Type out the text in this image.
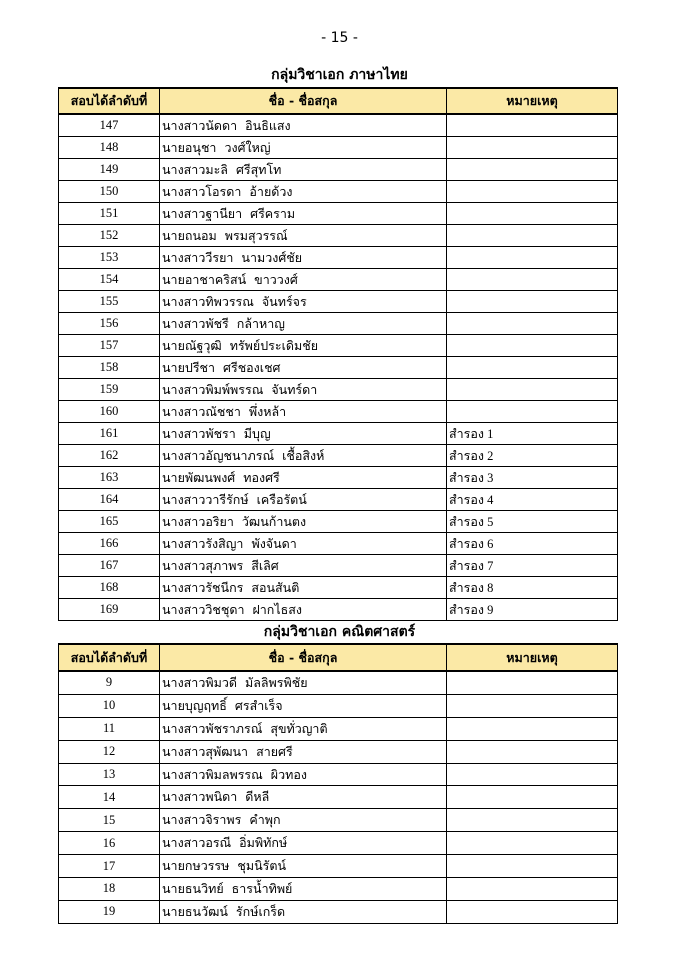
- 15 -
กลุ่มวิชาเอก ภาษาไทย
สอบได้ลำดับที่	ชื่อ - ชื่อสกุล	หมายเหตุ
147	นางสาวนัดดา อินธิแสง	
148	นายอนุชา วงศ์ใหญ่	
149	นางสาวมะลิ ศรีสุทโท	
150	นางสาวโอรดา อ้ายด้วง	
151	นางสาวฐานียา ศรีคราม	
152	นายถนอม พรมสุวรรณ์	
153	นางสาววีรยา นามวงศ์ชัย	
154	นายอาชาคริสน์ ขาววงศ์	
155	นางสาวทิพวรรณ จันทร์จร	
156	นางสาวพัชรี กล้าหาญ	
157	นายณัฐวุฒิ ทรัพย์ประเดิมชัย	
158	นายปรีชา ศรีชองเชศ	
159	นางสาวพิมพ์พรรณ จันทร์ดา	
160	นางสาวณัชชา พึ่งหล้า	
161	นางสาวพัชรา มีบุญ	สำรอง 1
162	นางสาวอัญชนาภรณ์ เชื้อสิงห์	สำรอง 2
163	นายพัฒนพงศ์ ทองศรี	สำรอง 3
164	นางสาววารีรักษ์ เครือรัตน์	สำรอง 4
165	นางสาวอริยา วัฒนก้านตง	สำรอง 5
166	นางสาวรังสิญา พังจันดา	สำรอง 6
167	นางสาวสุภาพร สีเลิศ	สำรอง 7
168	นางสาวรัชนีกร สอนสันติ	สำรอง 8
169	นางสาววิชชุดา ฝากไธสง	สำรอง 9
กลุ่มวิชาเอก คณิตศาสตร์
สอบได้ลำดับที่	ชื่อ - ชื่อสกุล	หมายเหตุ
9	นางสาวพิมวดี มัลลิพรพิชัย	
10	นายบุญฤทธิ์ ศรสำเร็จ	
11	นางสาวพัชราภรณ์ สุขทั่วญาติ	
12	นางสาวสุพัฒนา สายศรี	
13	นางสาวพิมลพรรณ ผิวทอง	
14	นางสาวพนิดา ดีหลี	
15	นางสาวจิราพร คำพุก	
16	นางสาวอรณี อิ่มพิทักษ์	
17	นายกษวรรษ ชุมนิรัตน์	
18	นายธนวิทย์ ธารน้ำทิพย์	
19	นายธนวัฒน์ รักษ์เกร็ด	
